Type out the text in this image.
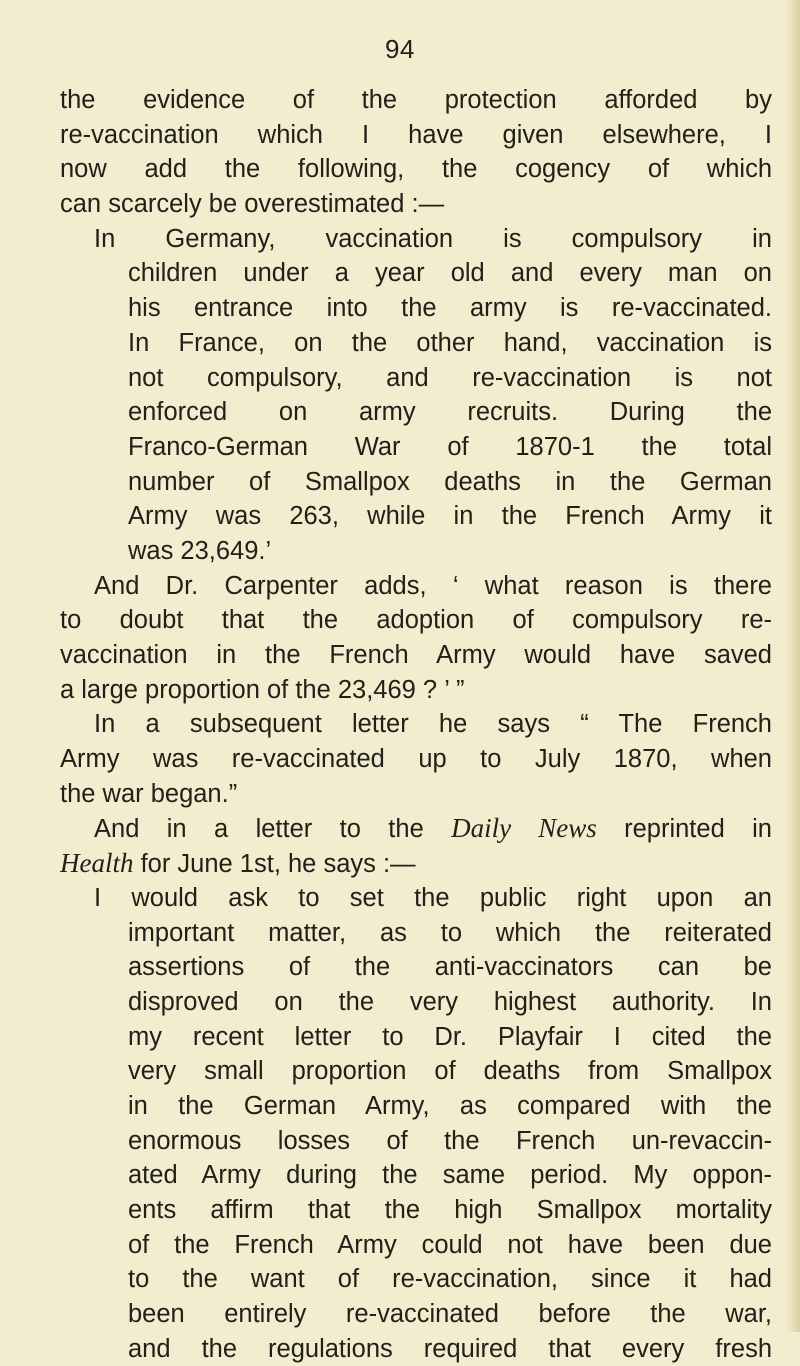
94
the evidence of the protection afforded by
re-vaccination which I have given elsewhere, I
now add the following, the cogency of which
can scarcely be overestimated :—
In Germany, vaccination is compulsory in
children under a year old and every man on
his entrance into the army is re-vaccinated.
In France, on the other hand, vaccination is
not compulsory, and re-vaccination is not
enforced on army recruits. During the
Franco-German War of 1870-1 the total
number of Smallpox deaths in the German
Army was 263, while in the French Army it
was 23,649.’
And Dr. Carpenter adds, ‘ what reason is there
to doubt that the adoption of compulsory re-
vaccination in the French Army would have saved
a large proportion of the 23,469 ? ’ ”
In a subsequent letter he says “ The French
Army was re-vaccinated up to July 1870, when
the war began.”
And in a letter to the Daily News reprinted in
Health for June 1st, he says :—
I would ask to set the public right upon an
important matter, as to which the reiterated
assertions of the anti-vaccinators can be
disproved on the very highest authority. In
my recent letter to Dr. Playfair I cited the
very small proportion of deaths from Smallpox
in the German Army, as compared with the
enormous losses of the French un-revaccin-
ated Army during the same period. My oppon-
ents affirm that the high Smallpox mortality
of the French Army could not have been due
to the want of re-vaccination, since it had
been entirely re-vaccinated before the war,
and the regulations required that every fresh
